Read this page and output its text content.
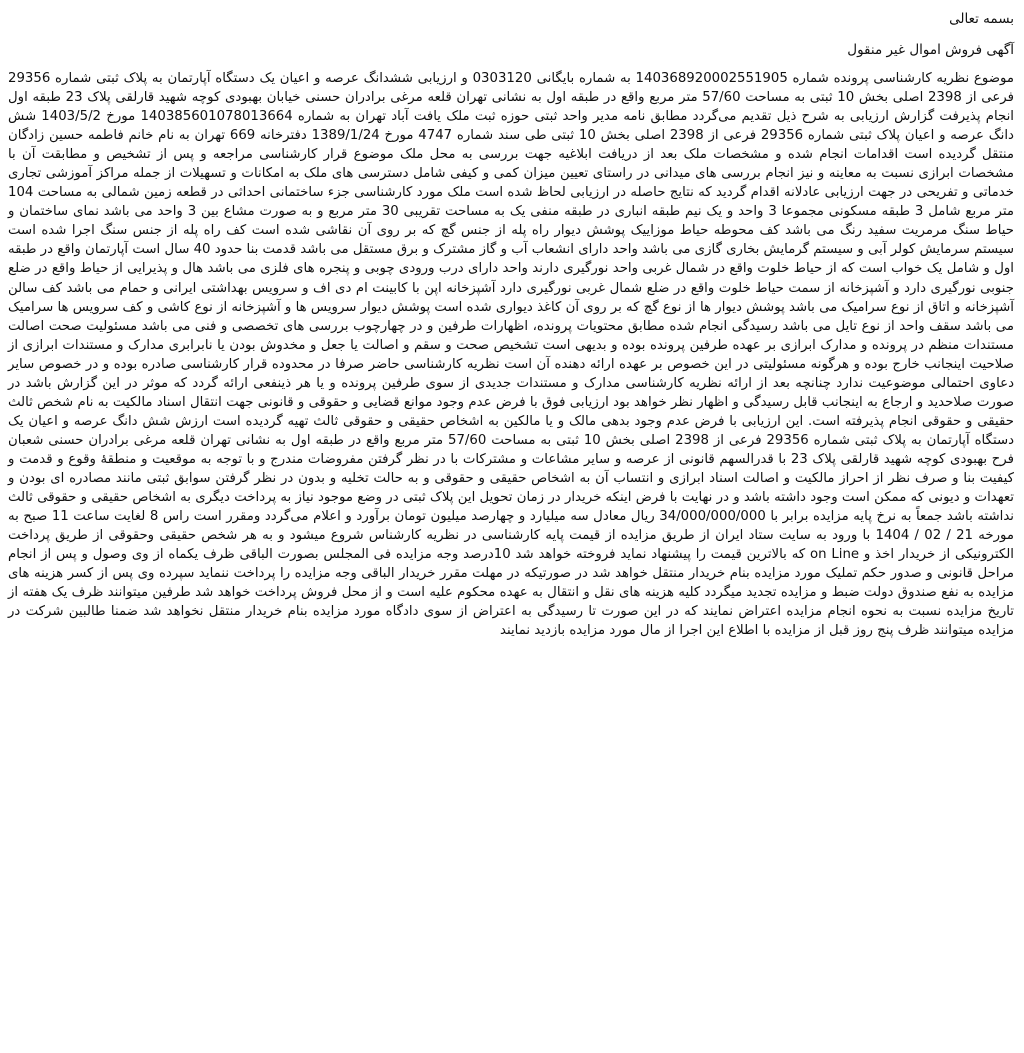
بسمه تعالی

آگهی فروش اموال غیر منقول

موضوع نظریه کارشناسی پرونده شماره 140368920002551905 به شماره بایگانی 0303120 و ارزیابی ششدانگ عرصه و اعیان یک دستگاه آپارتمان به پلاک ثبتی شماره 29356 فرعی از 2398 اصلی بخش 10 ثبتی به مساحت 57/60 متر مربع واقع در طبقه اول به نشانی تهران قلعه مرغی برادران حسنی خیابان بهبودی کوچه شهید قارلقی پلاک 23 طبقه اول انجام پذیرفت گزارش ارزیابی به شرح ذیل تقدیم می‌گردد مطابق نامه مدیر واحد ثبتی حوزه ثبت ملک یافت آباد تهران به شماره 140385601078013664 مورخ 1403/5/2 شش دانگ عرصه و اعیان پلاک ثبتی شماره 29356 فرعی از 2398 اصلی بخش 10 ثبتی طی سند شماره 4747 مورخ 1389/1/24 دفترخانه 669 تهران به نام خانم فاطمه حسین زادگان منتقل گردیده است اقدامات انجام شده و مشخصات ملک بعد از دریافت ابلاغیه جهت بررسی به محل ملک موضوع قرار کارشناسی مراجعه و پس از تشخیص و مطابقت آن با مشخصات ابرازی نسبت به معاینه و نیز انجام بررسی های میدانی در راستای تعیین میزان کمی و کیفی شامل دسترسی های ملک به امکانات و تسهیلات از جمله مراکز آموزشی تجاری خدماتی و تفریحی در جهت ارزیابی عادلانه اقدام گردید که نتایج حاصله در ارزیابی لحاظ شده است ملک مورد کارشناسی جزء ساختمانی احداثی در قطعه زمین شمالی به مساحت 104 متر مربع شامل 3 طبقه مسکونی مجموعا 3 واحد و یک نیم طبقه انباری در طبقه منفی یک به مساحت تقریبی 30 متر مربع و به صورت مشاع بین 3 واحد می باشد نمای ساختمان و حیاط سنگ مرمریت سفید رنگ می باشد کف محوطه حیاط موزاییک پوشش دیوار راه پله از جنس گچ که بر روی آن نقاشی شده است کف راه پله از جنس سنگ اجرا شده است سیستم سرمایش کولر آبی و سیستم گرمایش بخاری گازی می باشد واحد دارای انشعاب آب و گاز مشترک و برق مستقل می باشد قدمت بنا حدود 40 سال است آپارتمان واقع در طبقه اول و شامل یک خواب است که از حیاط خلوت واقع در شمال غربی واحد نورگیری دارند واحد دارای درب ورودی چوبی و پنجره های فلزی می باشد هال و پذیرایی از حیاط واقع در ضلع جنوبی نورگیری دارد و آشپزخانه از سمت حیاط خلوت واقع در ضلع شمال غربی نورگیری دارد آشپزخانه اپن با کابینت ام دی اف و سرویس بهداشتی ایرانی و حمام می باشد کف سالن آشپزخانه و اتاق از نوع سرامیک می باشد پوشش دیوار ها از نوع گچ که بر روی آن کاغذ دیواری شده است پوشش دیوار سرویس ها و آشپزخانه از نوع کاشی و کف سرویس ها سرامیک می باشد سقف واحد از نوع تایل می باشد رسیدگی انجام شده مطابق محتویات پرونده، اظهارات طرفین و در چهارچوب بررسی های تخصصی و فنی می باشد مسئولیت صحت اصالت مستندات منظم در پرونده و مدارک ابرازی بر عهده طرفین پرونده بوده و بدیهی است تشخیص صحت و سقم و اصالت یا جعل و مخدوش بودن یا نابرابری مدارک و مستندات ابرازی از صلاحیت اینجانب خارج بوده و هرگونه مسئولیتی در این خصوص بر عهده ارائه دهنده آن است نظریه کارشناسی حاضر صرفا در محدوده قرار کارشناسی صادره بوده و در خصوص سایر دعاوی احتمالی موضوعیت ندارد چنانچه بعد از ارائه نظریه کارشناسی مدارک و مستندات جدیدی از سوی طرفین پرونده و یا هر ذینفعی ارائه گردد که موثر در این گزارش باشد در صورت صلاحدید و ارجاع به اینجانب قابل رسیدگی و اظهار نظر خواهد بود ارزیابی فوق با فرض عدم وجود موانع قضایی و حقوقی و قانونی جهت انتقال اسناد مالکیت به نام شخص ثالث حقیقی و حقوقی انجام پذیرفته است. این ارزیابی با فرض عدم وجود بدهی مالک و یا مالکین به اشخاص حقیقی و حقوقی ثالث تهیه گردیده است ارزش شش دانگ عرصه و اعیان یک دستگاه آپارتمان به پلاک ثبتی شماره 29356 فرعی از 2398 اصلی بخش 10 ثبتی به مساحت 57/60 متر مربع واقع در طبقه اول به نشانی تهران قلعه مرغی برادران حسنی شعبان فرح بهبودی کوچه شهید قارلقی پلاک 23 با قدرالسهم قانونی از عرصه و سایر مشاعات و مشترکات با در نظر گرفتن مفروضات مندرج و با توجه به موقعیت و منطقهٔ وقوع و قدمت و کیفیت بنا و صرف نظر از احراز مالکیت و اصالت اسناد ابرازی و انتساب آن به اشخاص حقیقی و حقوقی و به حالت تخلیه و بدون در نظر گرفتن سوابق ثبتی مانند مصادره ای بودن و تعهدات و دیونی که ممکن است وجود داشته باشد و در نهایت با فرض اینکه خریدار در زمان تحویل این پلاک ثبتی در وضع موجود نیاز به پرداخت دیگری به اشخاص حقیقی و حقوقی ثالث نداشته باشد جمعاً به نرخ پایه مزایده برابر با 34/000/000/000 ریال معادل سه میلیارد و چهارصد میلیون تومان برآورد و اعلام می‌گردد ومقرر است راس 8 لغایت ساعت 11 صبح به مورخه 21 / 02 / 1404 با ورود به سایت ستاد ایران از طریق مزایده از قیمت پایه کارشناسی در نظریه کارشناس شروع میشود و به هر شخص حقیقی وحقوقی از طریق پرداخت الکترونیکی از خریدار اخذ و on Line که بالاترین قیمت را پیشنهاد نماید فروخته خواهد شد 10درصد وجه مزایده فی المجلس بصورت الباقی ظرف یکماه از وی وصول و پس از انجام مراحل قانونی و صدور حکم تملیک مورد مزایده بنام خریدار منتقل خواهد شد در صورتیکه در مهلت مقرر خریدار الباقی وجه مزایده را پرداخت ننماید سپرده وی پس از کسر هزینه های مزایده به نفع صندوق دولت ضبط و مزایده تجدید میگردد کلیه هزینه های نقل و انتقال به عهده محکوم علیه است و از محل فروش پرداخت خواهد شد طرفین میتوانند ظرف یک هفته از تاریخ مزایده نسبت به نحوه انجام مزایده اعتراض نمایند که در این صورت تا رسیدگی به اعتراض از سوی دادگاه مورد مزایده بنام خریدار منتقل نخواهد شد ضمنا طالبین شرکت در مزایده میتوانند ظرف پنج روز قبل از مزایده با اطلاع این اجرا از مال مورد مزایده بازدید نمایند
